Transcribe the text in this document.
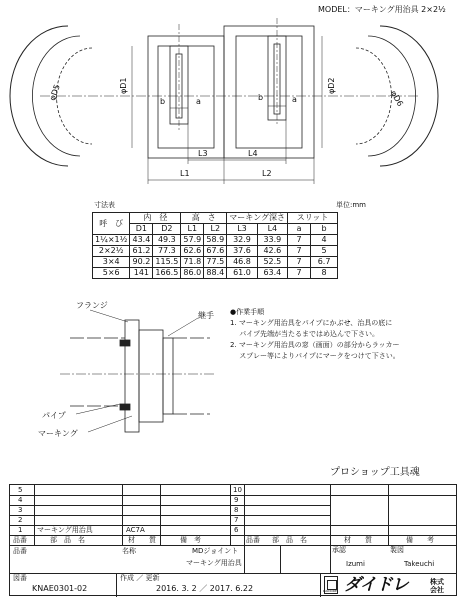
MODEL：マーキング用治具 2×2½
φD5	φD1
b	a	b	a
φD2
φD6
L3	L4
L1	L2
寸法表	単位:mm
呼　び	内　径		高　さ		マーキング深さ		スリット	
	D1	D2	L1	L2	L3	L4	a	b
1¼×1½	43.4	49.3	57.9	58.9	32.9	33.9	7	4
2×2½	61.2	77.3	62.6	67.6	37.6	42.6	7	5
3×4	90.2	115.5	71.8	77.5	46.8	52.5	7	6.7
5×6	141	166.5	86.0	88.4	61.0	63.4	7	8
フランジ
継手
パイプ
マーキング
●作業手順
1. マーキング用治具をパイプにかぶせ、治具の底に
　 パイプ先端が当たるまではめ込んで下さい。
2. マーキング用治具の窓（画面）の部分からラッカー
　 スプレー等によりパイプにマークをつけて下さい。
プロショップ工具魂
5
4
3
2
1 マーキング用治具	AC7A
10
9
8
7
6
品番	部　品　名	材　　質	備　考	品番 部　品　名	材　　質	備　　考
品番	名称	MDジョイント
マーキング用治具
承認	製図
Izumi	Takeuchi
図番
KNAE0301-02
作成 ／ 更新
2016. 3. 2 ／ 2017. 6.22	DAIDORE ダイドレ	株式会社
